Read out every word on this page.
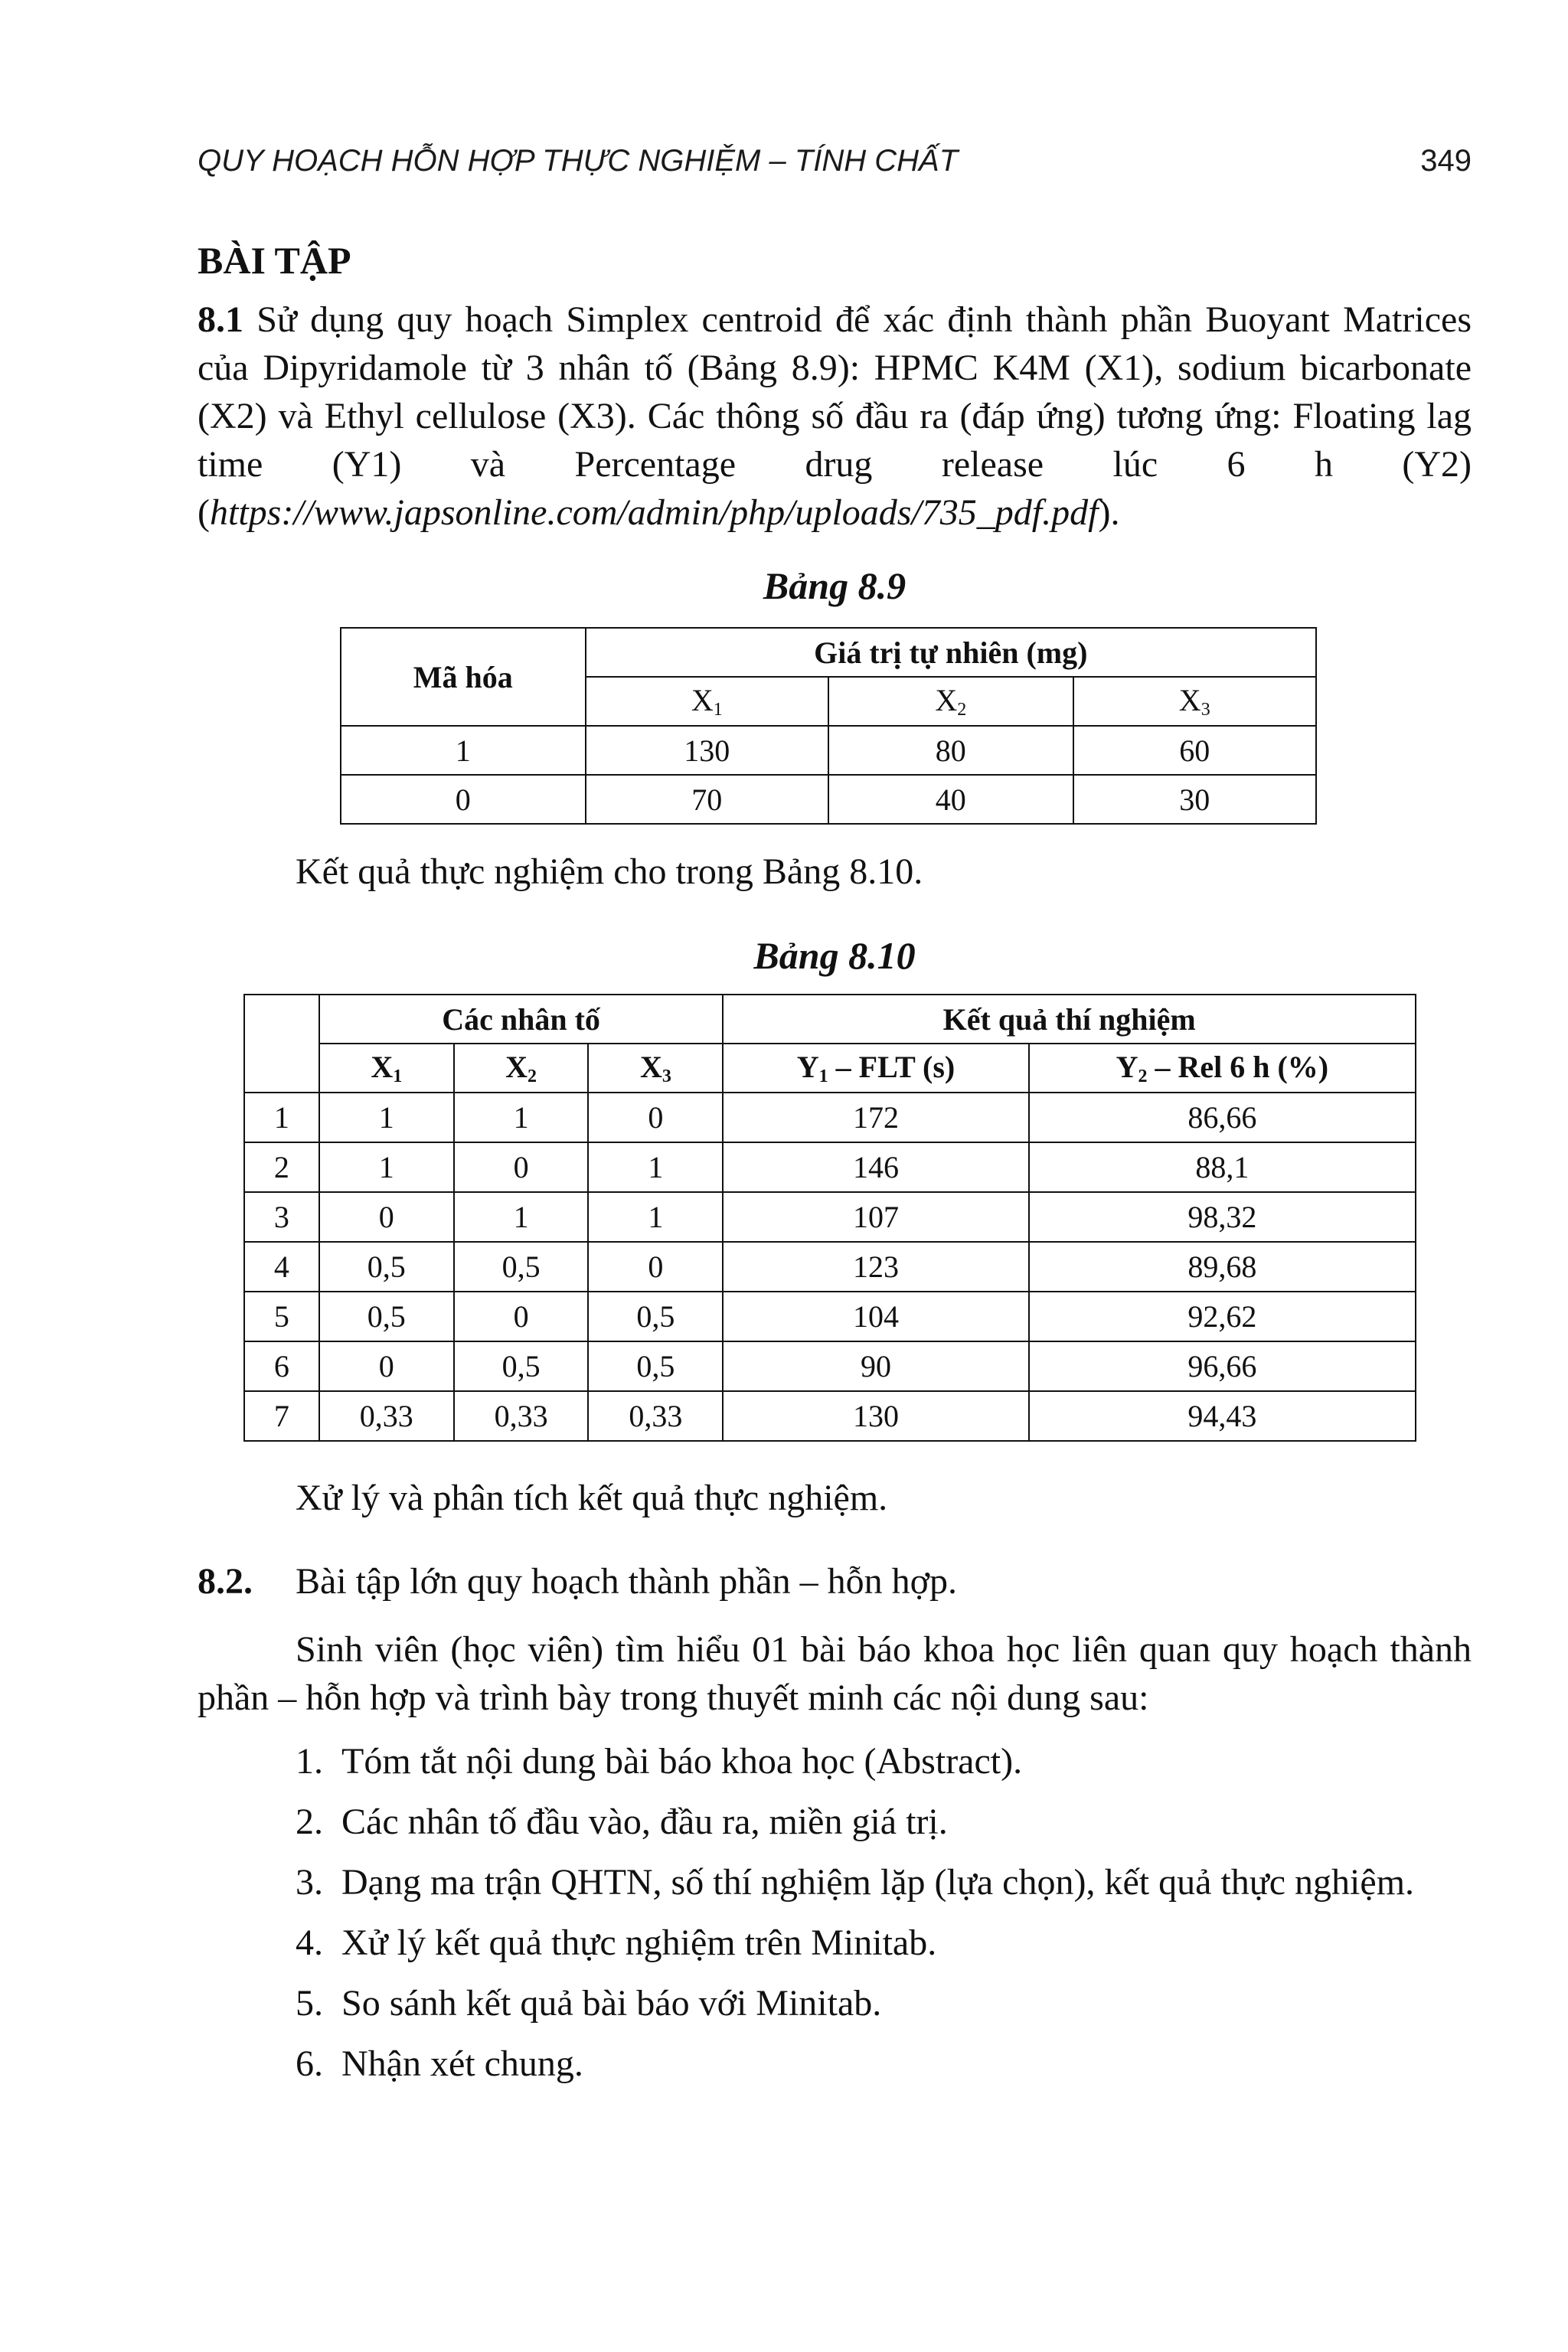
QUY HOẠCH HỖN HỢP THỰC NGHIỆM – TÍNH CHẤT	349
BÀI TẬP

8.1 Sử dụng quy hoạch Simplex centroid để xác định thành phần Buoyant Matrices của Dipyridamole từ 3 nhân tố (Bảng 8.9): HPMC K4M (X1), sodium bicarbonate (X2) và Ethyl cellulose (X3). Các thông số đầu ra (đáp ứng) tương ứng: Floating lag time (Y1) và Percentage drug release lúc 6 h (Y2) (https://www.japsonline.com/admin/php/uploads/735_pdf.pdf).

Bảng 8.9
Mã hóa	Giá trị tự nhiên (mg)		
	$X_1$	$X_2$	$X_3$
1	130	80	60
0	70	40	30

Kết quả thực nghiệm cho trong Bảng 8.10.

Bảng 8.10
	Các nhân tố			Kết quả thí nghiệm	
	$X_1$	$X_2$	$X_3$	$Y_1$ – FLT (s)	$Y_2$ – Rel 6 h (%)
1	1	1	0	172	86,66
2	1	0	1	146	88,1
3	0	1	1	107	98,32
4	0,5	0,5	0	123	89,68
5	0,5	0	0,5	104	92,62
6	0	0,5	0,5	90	96,66
7	0,33	0,33	0,33	130	94,43

Xử lý và phân tích kết quả thực nghiệm.

8.2.	Bài tập lớn quy hoạch thành phần – hỗn hợp.

Sinh viên (học viên) tìm hiểu 01 bài báo khoa học liên quan quy hoạch thành phần – hỗn hợp và trình bày trong thuyết minh các nội dung sau:

1. Tóm tắt nội dung bài báo khoa học (Abstract).
2. Các nhân tố đầu vào, đầu ra, miền giá trị.
3. Dạng ma trận QHTN, số thí nghiệm lặp (lựa chọn), kết quả thực nghiệm.
4. Xử lý kết quả thực nghiệm trên Minitab.
5. So sánh kết quả bài báo với Minitab.
6. Nhận xét chung.
